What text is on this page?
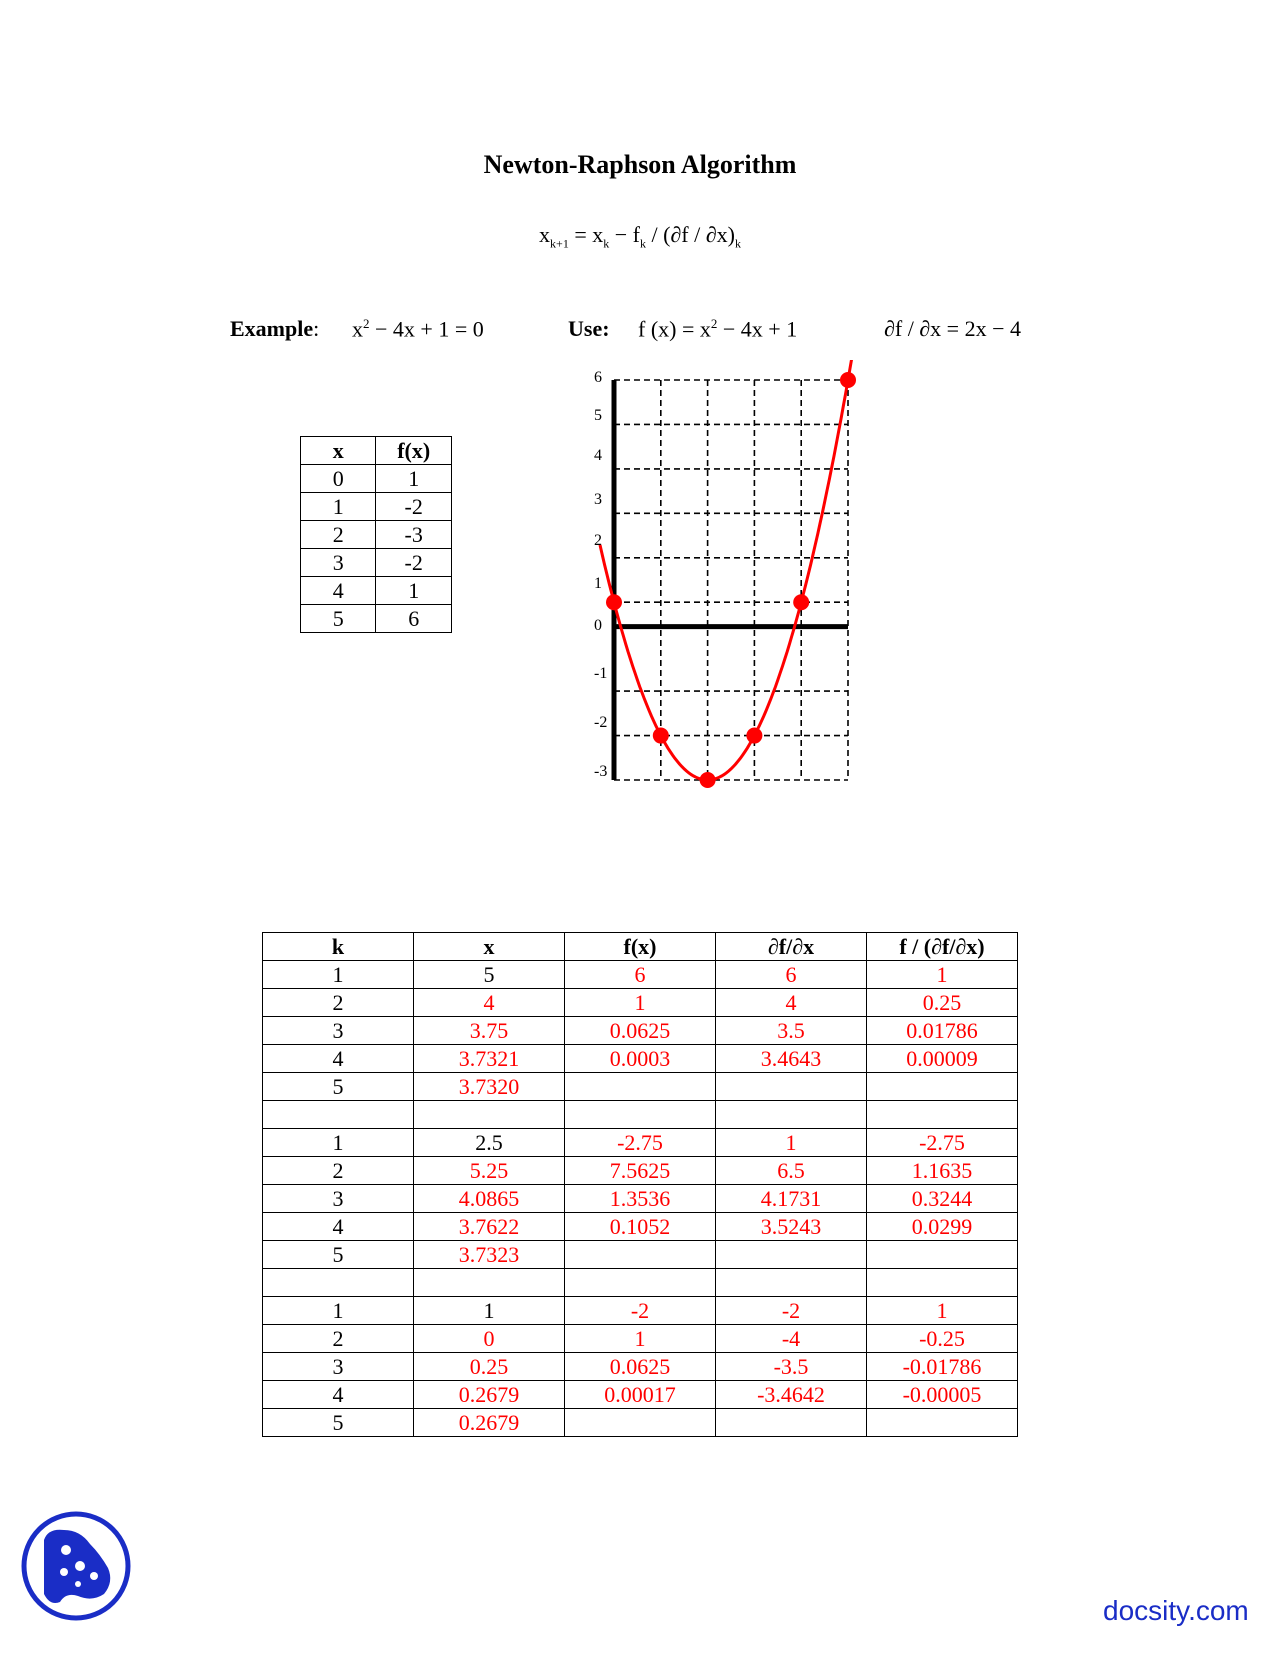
Newton-Raphson Algorithm
$x_{k+1} = x_k - f_k / (\partial f / \partial x)_k$
Example: $x^2 - 4x + 1 = 0$	Use: f $(x) = x^2 - 4x + 1$	∂f / ∂x = 2x − 4
x	f(x)
0	1
1	-2
2	-3
3	-2
4	1
5	6
6
5
4
3
2
1
0
-1
-2
-3
k	x	f(x)	∂f/∂x	f / (∂f/∂x)
1	5	6	6	1
2	4	1	4	0.25
3	3.75	0.0625	3.5	0.01786
4	3.7321	0.0003	3.4643	0.00009
5	3.7320			

1	2.5	-2.75	1	-2.75
2	5.25	7.5625	6.5	1.1635
3	4.0865	1.3536	4.1731	0.3244
4	3.7622	0.1052	3.5243	0.0299
5	3.7323			

1	1	-2	-2	1
2	0	1	-4	-0.25
3	0.25	0.0625	-3.5	-0.01786
4	0.2679	0.00017	-3.4642	-0.00005
5	0.2679			
docsity.com
